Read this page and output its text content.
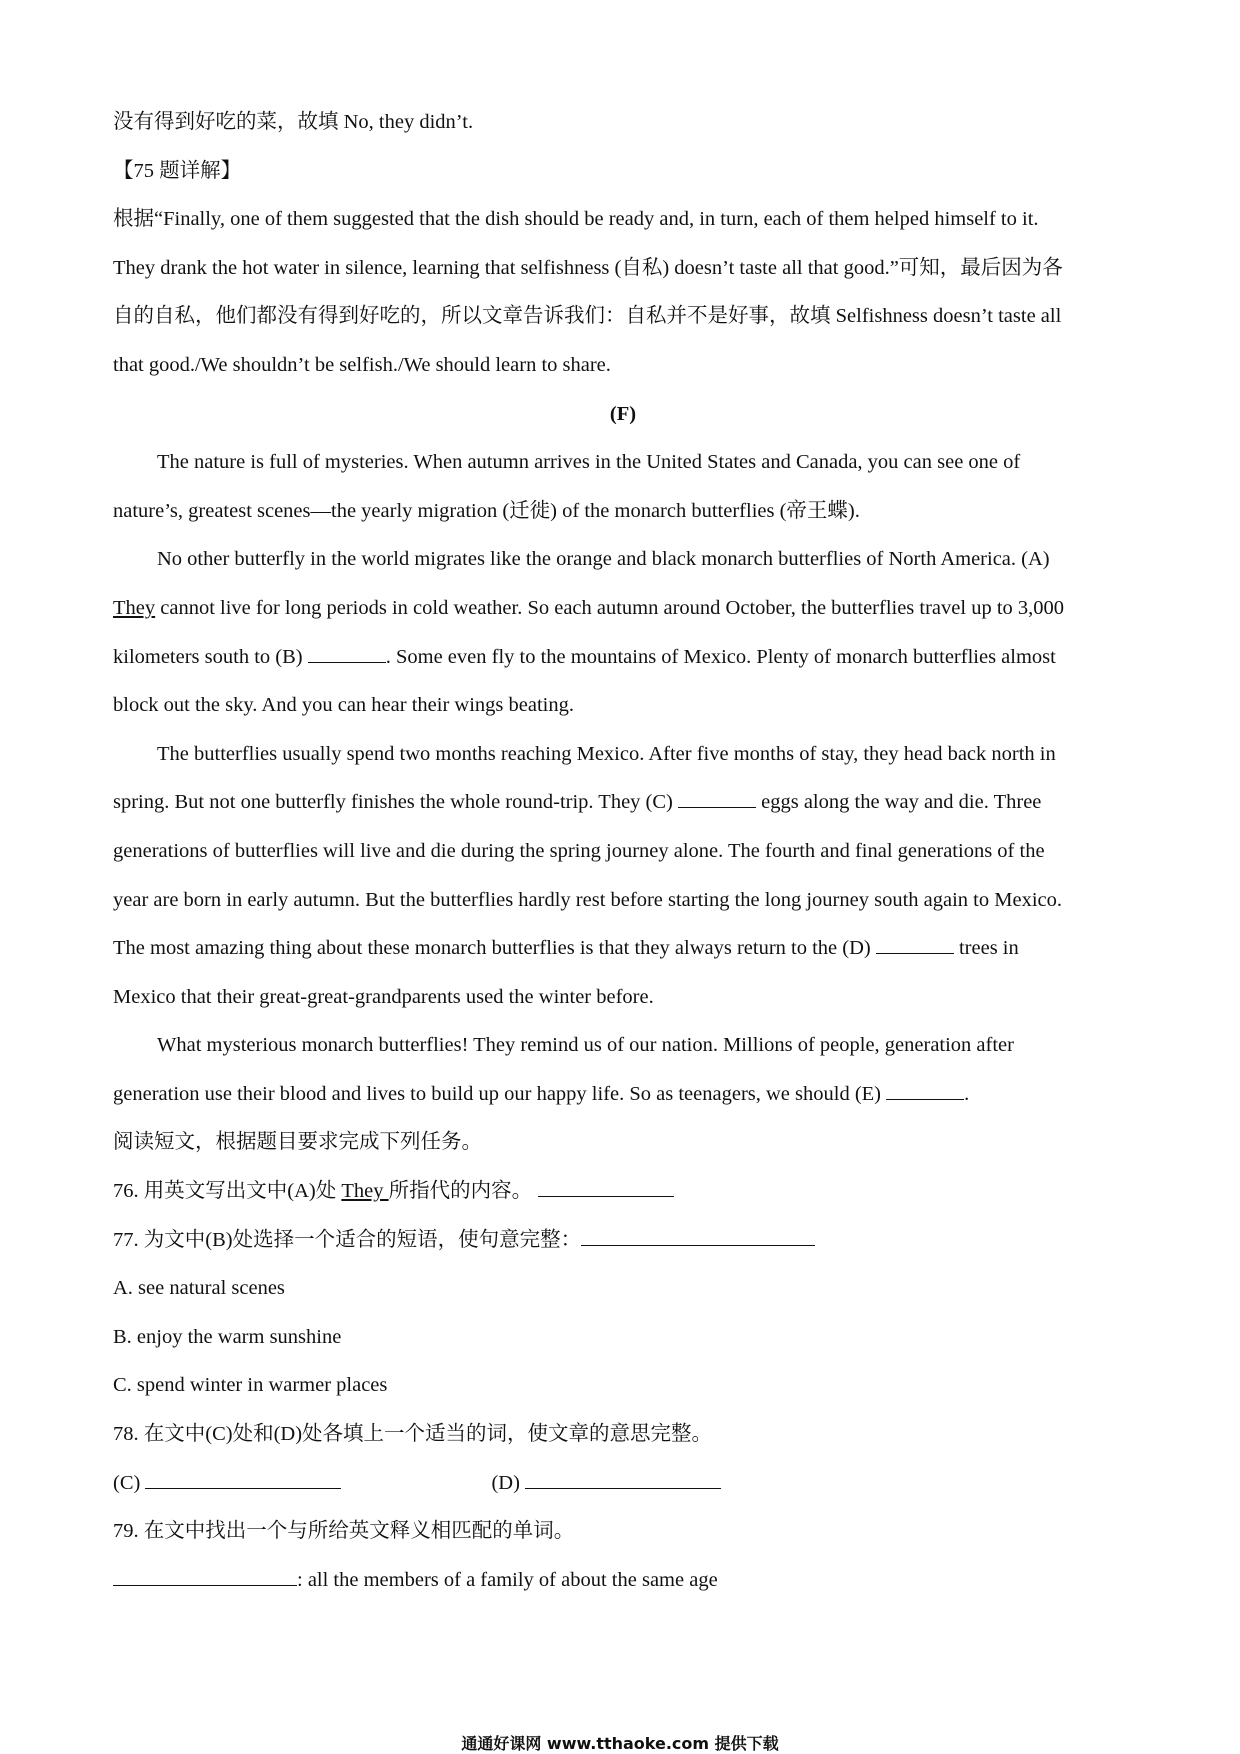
没有得到好吃的菜，故填 No, they didn’t.
【75 题详解】
根据“Finally, one of them suggested that the dish should be ready and, in turn, each of them helped himself to it.
They drank the hot water in silence, learning that selfishness (自私) doesn’t taste all that good.”可知，最后因为各
自的自私，他们都没有得到好吃的，所以文章告诉我们：自私并不是好事，故填 Selfishness doesn’t taste all
that good./We shouldn’t be selfish./We should learn to share.
(F)
The nature is full of mysteries. When autumn arrives in the United States and Canada, you can see one of
nature’s, greatest scenes—the yearly migration (迁徙) of the monarch butterflies (帝王蝶).
No other butterfly in the world migrates like the orange and black monarch butterflies of North America. (A)
They cannot live for long periods in cold weather. So each autumn around October, the butterflies travel up to 3,000
kilometers south to (B)	. Some even fly to the mountains of Mexico. Plenty of monarch butterflies almost
block out the sky. And you can hear their wings beating.
The butterflies usually spend two months reaching Mexico. After five months of stay, they head back north in
spring. But not one butterfly finishes the whole round-trip. They (C)	eggs along the way and die. Three
generations of butterflies will live and die during the spring journey alone. The fourth and final generations of the
year are born in early autumn. But the butterflies hardly rest before starting the long journey south again to Mexico.
The most amazing thing about these monarch butterflies is that they always return to the (D)	trees in
Mexico that their great-great-grandparents used the winter before.
What mysterious monarch butterflies! They remind us of our nation. Millions of people, generation after
generation use their blood and lives to build up our happy life. So as teenagers, we should (E)	.
阅读短文，根据题目要求完成下列任务。
76. 用英文写出文中(A)处 They 所指代的内容。
77. 为文中(B)处选择一个适合的短语，使句意完整：
A. see natural scenes
B. enjoy the warm sunshine
C. spend winter in warmer places
78. 在文中(C)处和(D)处各填上一个适当的词，使文章的意思完整。
(C)	(D)
79. 在文中找出一个与所给英文释义相匹配的单词。
: all the members of a family of about the same age
通通好课网 www.tthaoke.com 提供下载
